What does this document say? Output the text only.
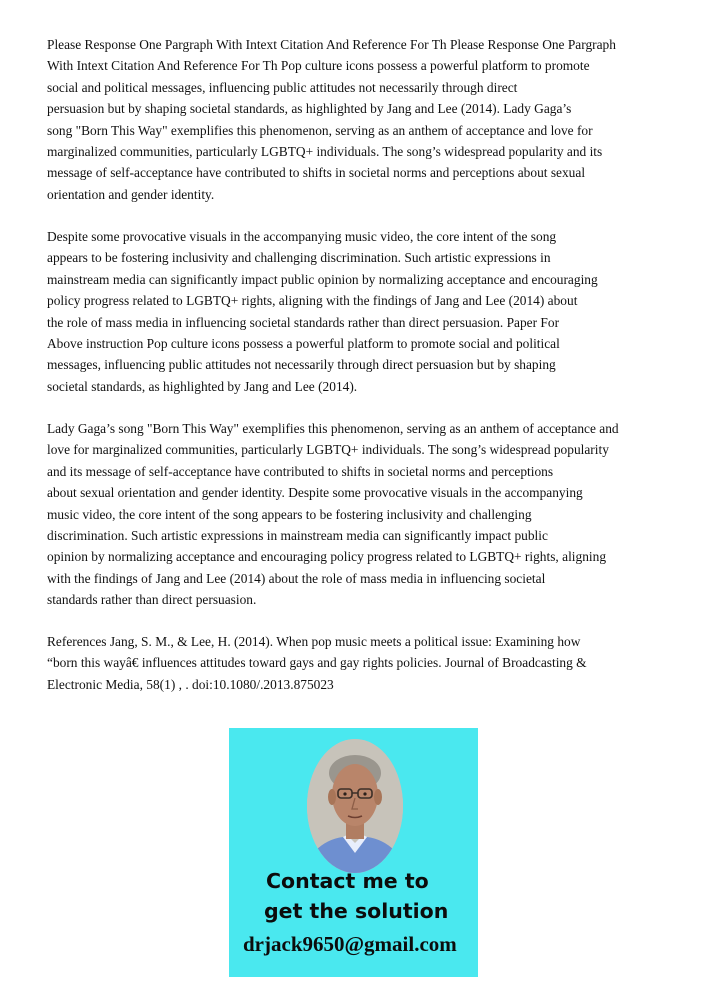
Please Response One Pargraph With Intext Citation And Reference For Th Please Response One Pargraph
With Intext Citation And Reference For Th Pop culture icons possess a powerful platform to promote
social and political messages, influencing public attitudes not necessarily through direct
persuasion but by shaping societal standards, as highlighted by Jang and Lee (2014). Lady Gaga’s
song "Born This Way" exemplifies this phenomenon, serving as an anthem of acceptance and love for
marginalized communities, particularly LGBTQ+ individuals. The song’s widespread popularity and its
message of self-acceptance have contributed to shifts in societal norms and perceptions about sexual
orientation and gender identity.
Despite some provocative visuals in the accompanying music video, the core intent of the song
appears to be fostering inclusivity and challenging discrimination. Such artistic expressions in
mainstream media can significantly impact public opinion by normalizing acceptance and encouraging
policy progress related to LGBTQ+ rights, aligning with the findings of Jang and Lee (2014) about
the role of mass media in influencing societal standards rather than direct persuasion. Paper For
Above instruction Pop culture icons possess a powerful platform to promote social and political
messages, influencing public attitudes not necessarily through direct persuasion but by shaping
societal standards, as highlighted by Jang and Lee (2014).
Lady Gaga’s song "Born This Way" exemplifies this phenomenon, serving as an anthem of acceptance and
love for marginalized communities, particularly LGBTQ+ individuals. The song’s widespread popularity
and its message of self-acceptance have contributed to shifts in societal norms and perceptions
about sexual orientation and gender identity. Despite some provocative visuals in the accompanying
music video, the core intent of the song appears to be fostering inclusivity and challenging
discrimination. Such artistic expressions in mainstream media can significantly impact public
opinion by normalizing acceptance and encouraging policy progress related to LGBTQ+ rights, aligning
with the findings of Jang and Lee (2014) about the role of mass media in influencing societal
standards rather than direct persuasion.
References Jang, S. M., & Lee, H. (2014). When pop music meets a political issue: Examining how
“born this wayâ€ influences attitudes toward gays and gay rights policies. Journal of Broadcasting &
Electronic Media, 58(1) , . doi:10.1080/.2013.875023
Contact me to
get the solution
drjack9650@gmail.com
